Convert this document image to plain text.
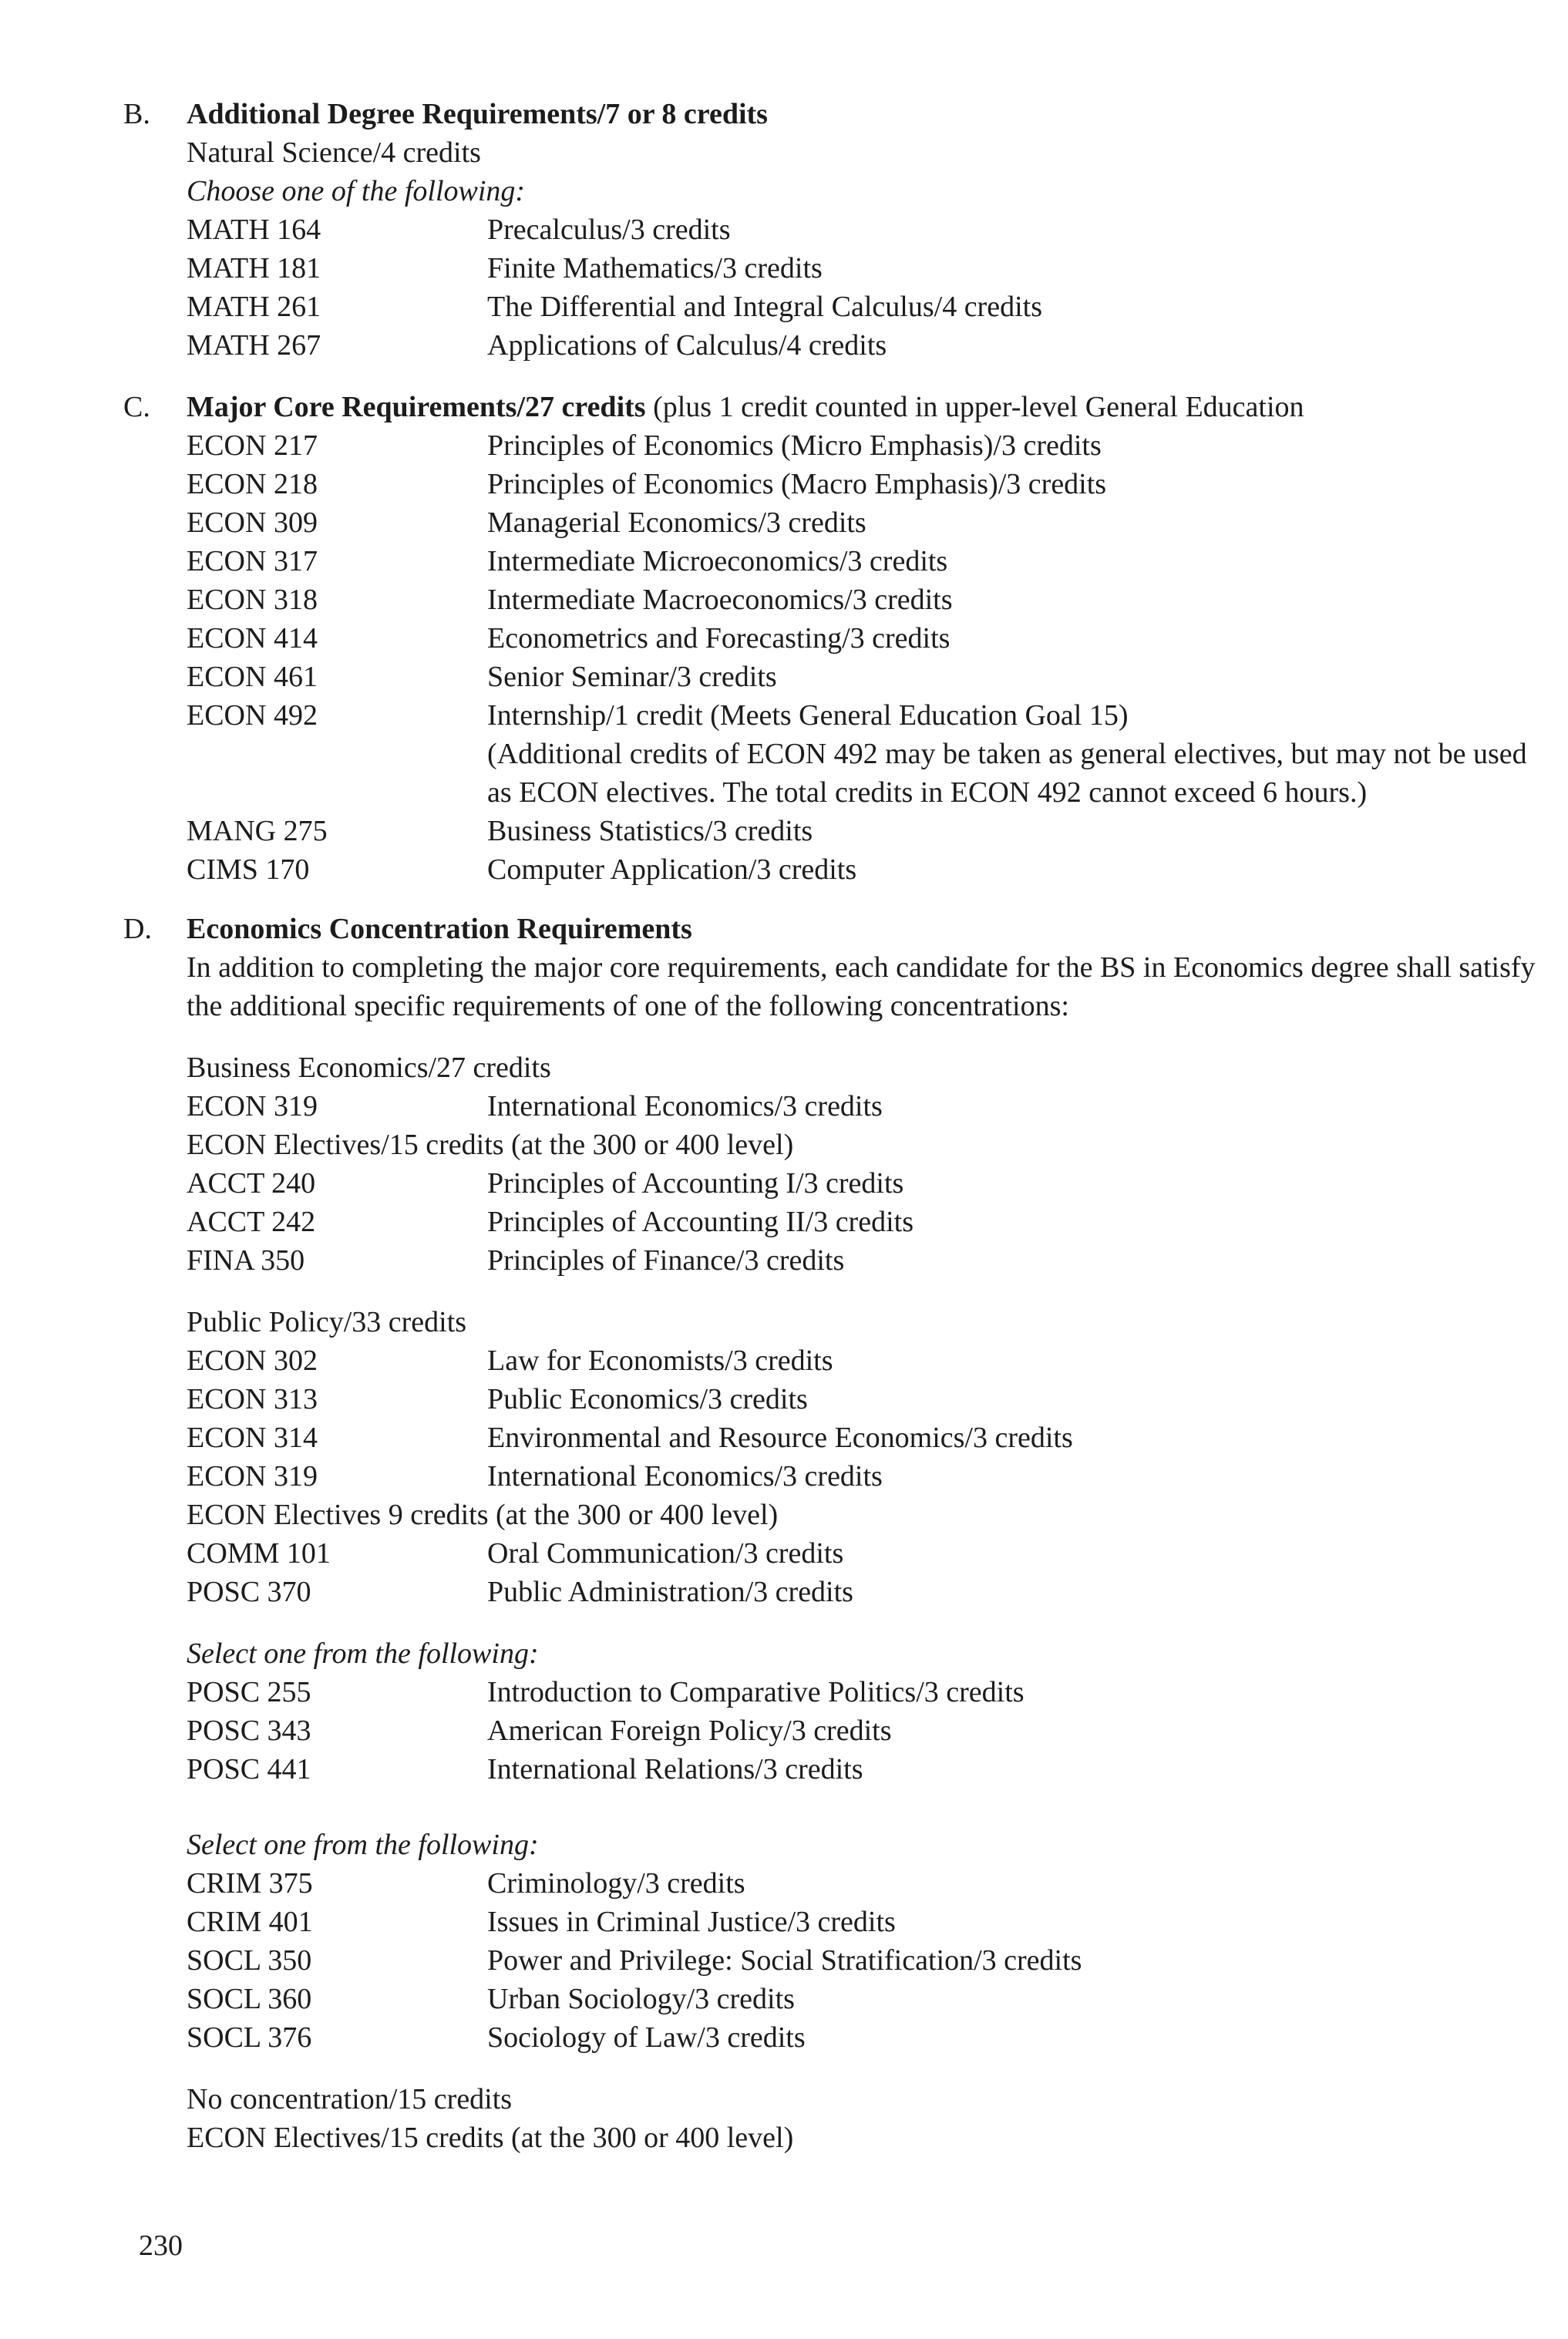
B. Additional Degree Requirements/7 or 8 credits
Natural Science/4 credits
Choose one of the following:
MATH 164	Precalculus/3 credits
MATH 181	Finite Mathematics/3 credits
MATH 261	The Differential and Integral Calculus/4 credits
MATH 267	Applications of Calculus/4 credits
C. Major Core Requirements/27 credits (plus 1 credit counted in upper-level General Education
ECON 217	Principles of Economics (Micro Emphasis)/3 credits
ECON 218	Principles of Economics (Macro Emphasis)/3 credits
ECON 309	Managerial Economics/3 credits
ECON 317	Intermediate Microeconomics/3 credits
ECON 318	Intermediate Macroeconomics/3 credits
ECON 414	Econometrics and Forecasting/3 credits
ECON 461	Senior Seminar/3 credits
ECON 492	Internship/1 credit (Meets General Education Goal 15)
(Additional credits of ECON 492 may be taken as general electives, but may not be used as ECON electives. The total credits in ECON 492 cannot exceed 6 hours.)
MANG 275	Business Statistics/3 credits
CIMS 170	Computer Application/3 credits
D. Economics Concentration Requirements
In addition to completing the major core requirements, each candidate for the BS in Economics degree shall satisfy the additional specific requirements of one of the following concentrations:
Business Economics/27 credits
ECON 319	International Economics/3 credits
ECON Electives/15 credits (at the 300 or 400 level)
ACCT 240	Principles of Accounting I/3 credits
ACCT 242	Principles of Accounting II/3 credits
FINA 350	Principles of Finance/3 credits
Public Policy/33 credits
ECON 302	Law for Economists/3 credits
ECON 313	Public Economics/3 credits
ECON 314	Environmental and Resource Economics/3 credits
ECON 319	International Economics/3 credits
ECON Electives 9 credits (at the 300 or 400 level)
COMM 101	Oral Communication/3 credits
POSC 370	Public Administration/3 credits
Select one from the following:
POSC 255	Introduction to Comparative Politics/3 credits
POSC 343	American Foreign Policy/3 credits
POSC 441	International Relations/3 credits
Select one from the following:
CRIM 375	Criminology/3 credits
CRIM 401	Issues in Criminal Justice/3 credits
SOCL 350	Power and Privilege: Social Stratification/3 credits
SOCL 360	Urban Sociology/3 credits
SOCL 376	Sociology of Law/3 credits
No concentration/15 credits
ECON Electives/15 credits (at the 300 or 400 level)
230
